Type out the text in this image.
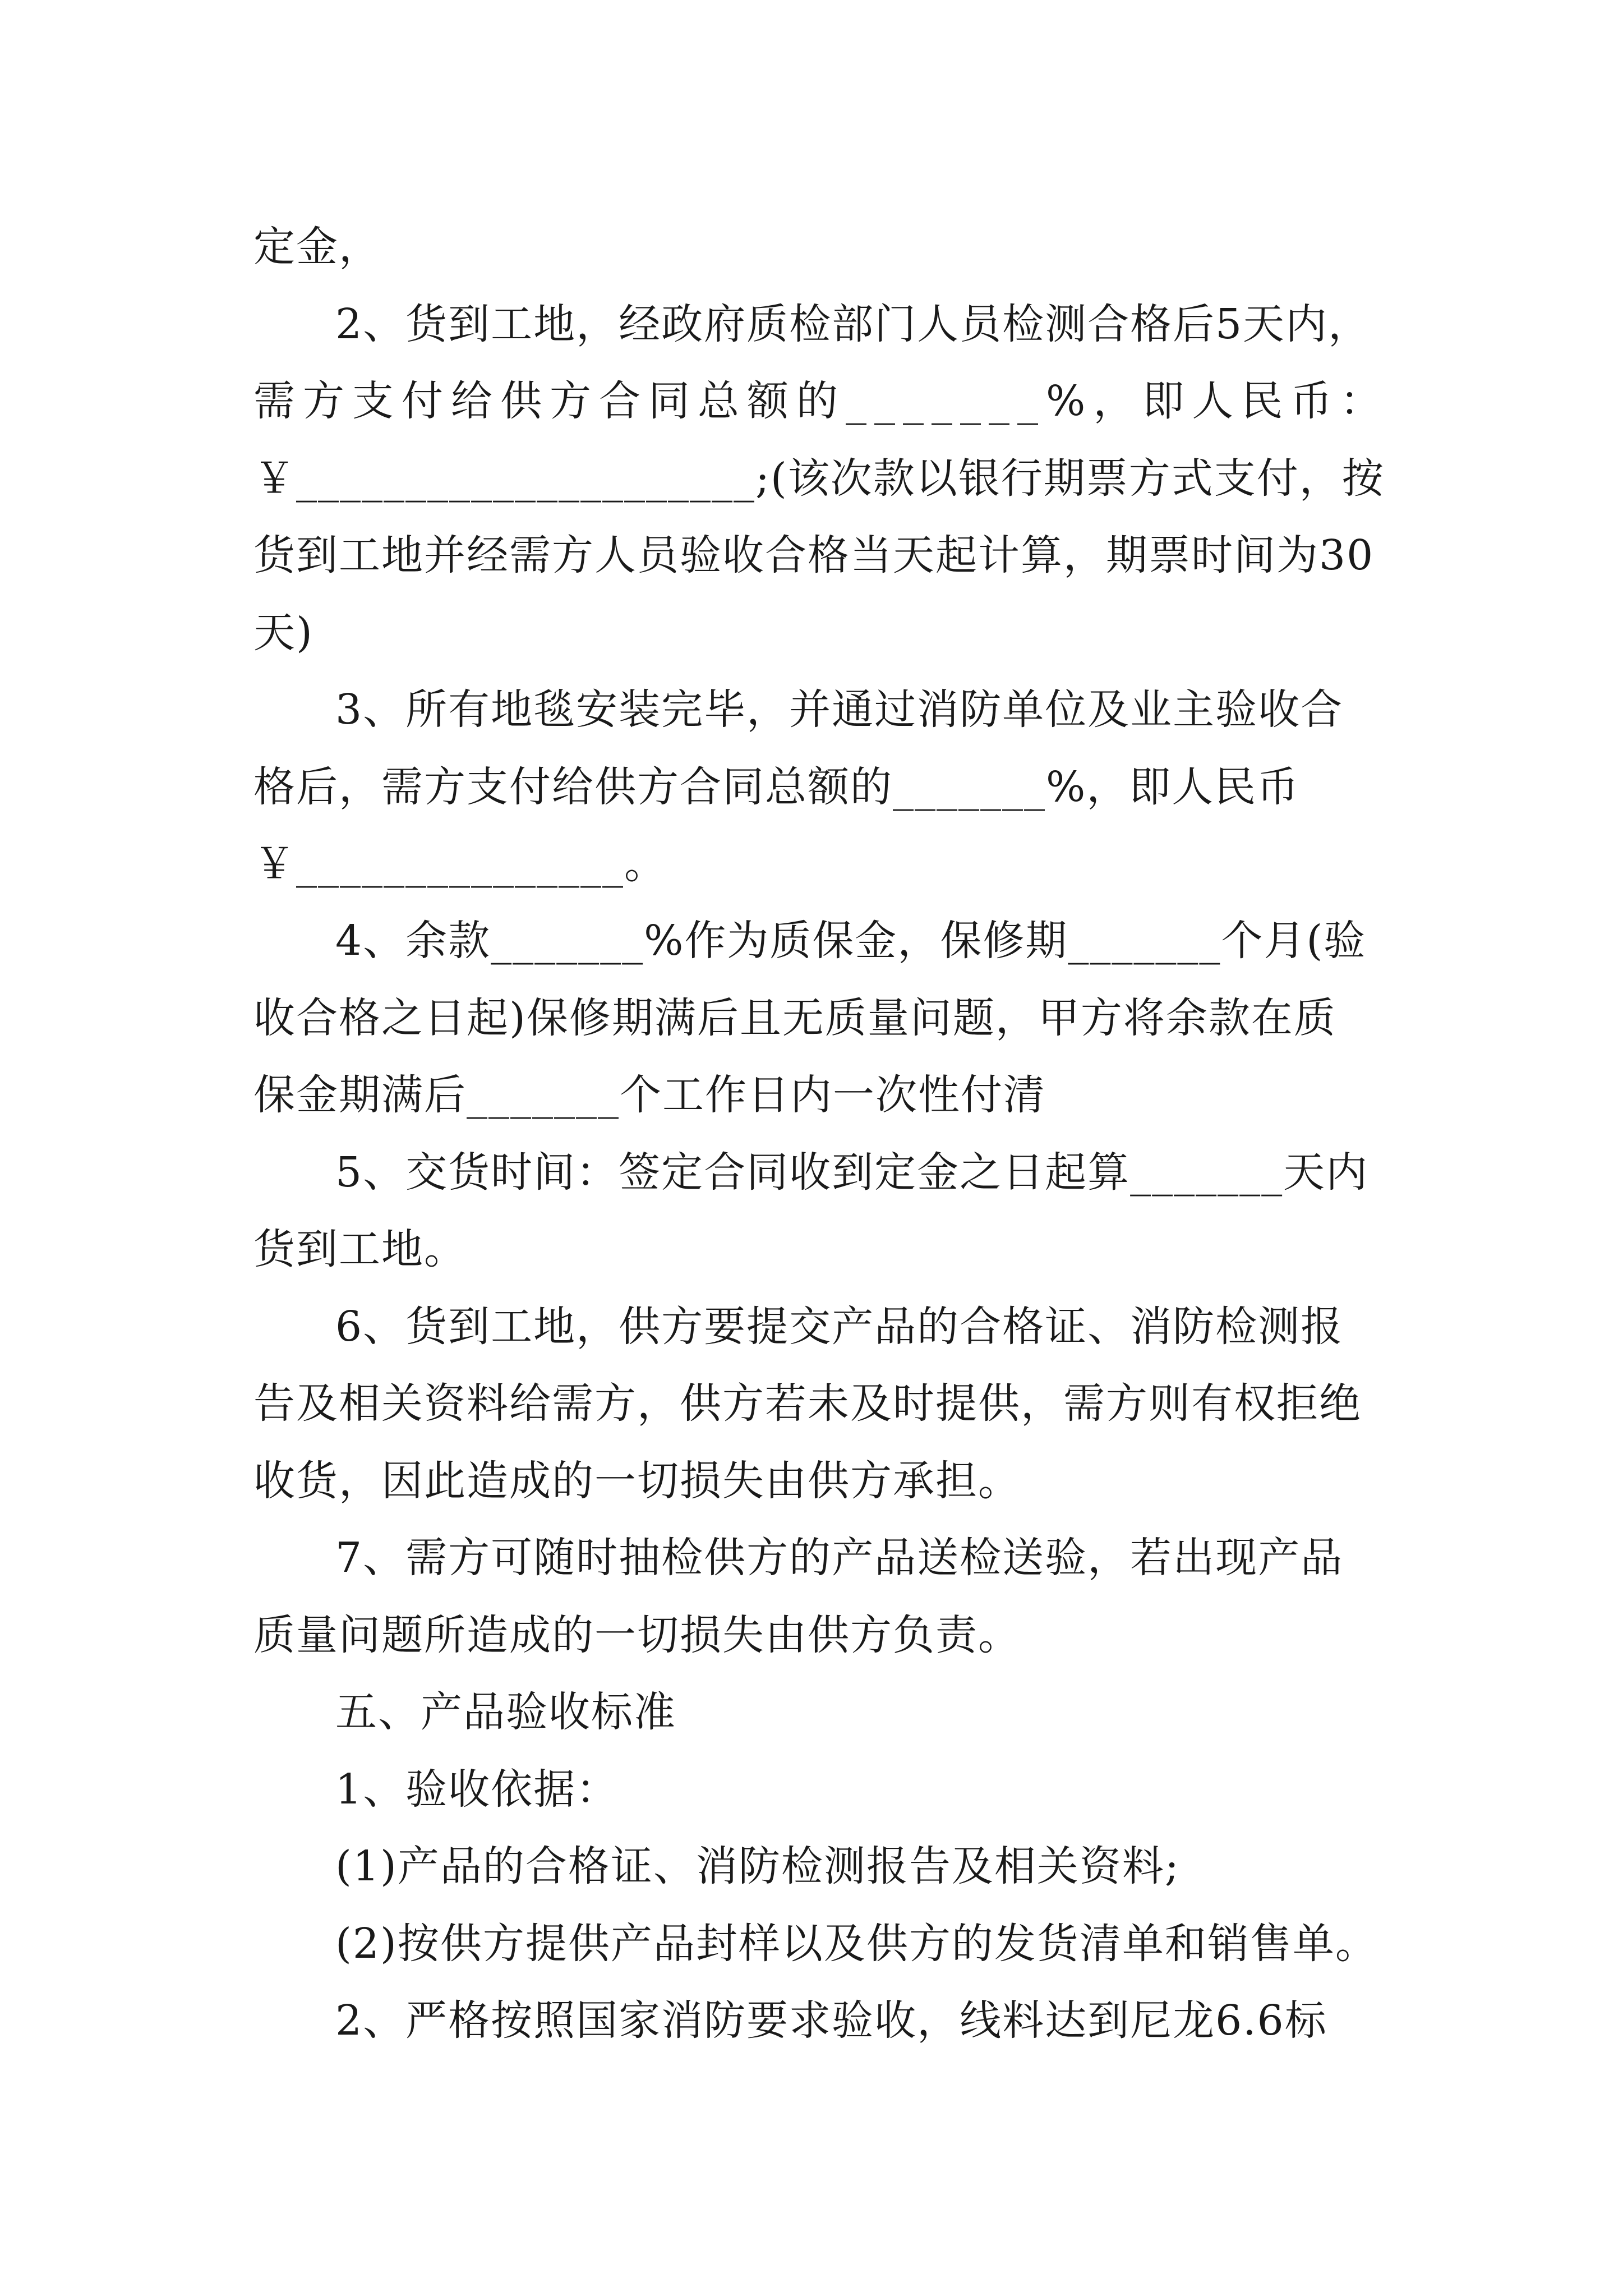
定金，
2、货到工地，经政府质检部门人员检测合格后5天内，
需方支付给供方合同总额的_______%，即人民币：
￥_____________________;(该次款以银行期票方式支付，按
货到工地并经需方人员验收合格当天起计算，期票时间为30
天)
3、所有地毯安装完毕，并通过消防单位及业主验收合
格后，需方支付给供方合同总额的_______%，即人民币
￥_______________。
4、余款_______%作为质保金，保修期_______个月(验
收合格之日起)保修期满后且无质量问题，甲方将余款在质
保金期满后_______个工作日内一次性付清
5、交货时间：签定合同收到定金之日起算_______天内
货到工地。
6、货到工地，供方要提交产品的合格证、消防检测报
告及相关资料给需方，供方若未及时提供，需方则有权拒绝
收货，因此造成的一切损失由供方承担。
7、需方可随时抽检供方的产品送检送验，若出现产品
质量问题所造成的一切损失由供方负责。
五、产品验收标准
1、验收依据：
(1)产品的合格证、消防检测报告及相关资料;
(2)按供方提供产品封样以及供方的发货清单和销售单。
2、严格按照国家消防要求验收，线料达到尼龙6.6标
